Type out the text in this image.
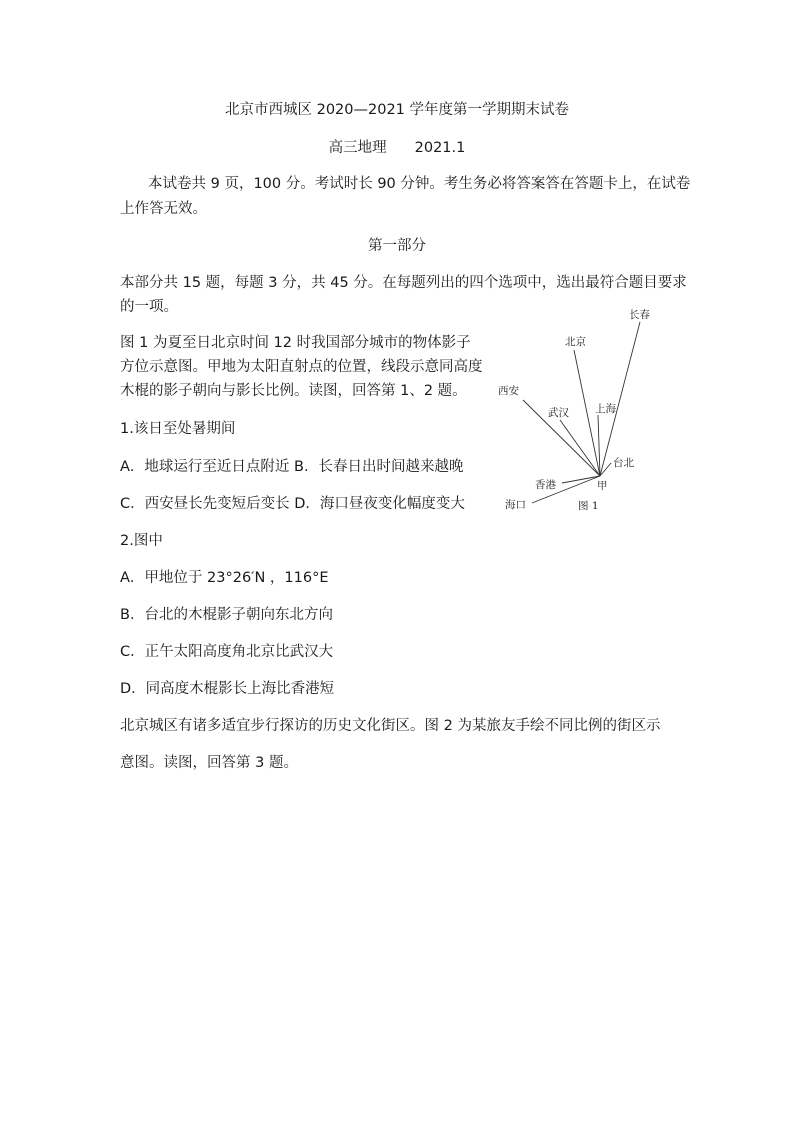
北京市西城区 2020—2021 学年度第一学期期末试卷
高三地理 2021.1
本试卷共 9 页，100 分。考试时长 90 分钟。考生务必将答案答在答题卡上，在试卷
上作答无效。
第一部分
本部分共 15 题，每题 3 分，共 45 分。在每题列出的四个选项中，选出最符合题目要求
的一项。
图 1 为夏至日北京时间 12 时我国部分城市的物体影子
方位示意图。甲地为太阳直射点的位置，线段示意同高度
木棍的影子朝向与影长比例。读图，回答第 1、2 题。
1.该日至处暑期间
A．地球运行至近日点附近 B．长春日出时间越来越晚
C．西安昼长先变短后变长 D．海口昼夜变化幅度变大
2.图中
A．甲地位于 23°26′N ，116°E
B．台北的木棍影子朝向东北方向
C．正午太阳高度角北京比武汉大
D．同高度木棍影长上海比香港短
北京城区有诸多适宜步行探访的历史文化街区。图 2 为某旅友手绘不同比例的街区示
意图。读图，回答第 3 题。
长春
北京
西安
武汉 上海
台北
香港
海口
甲
图 1
